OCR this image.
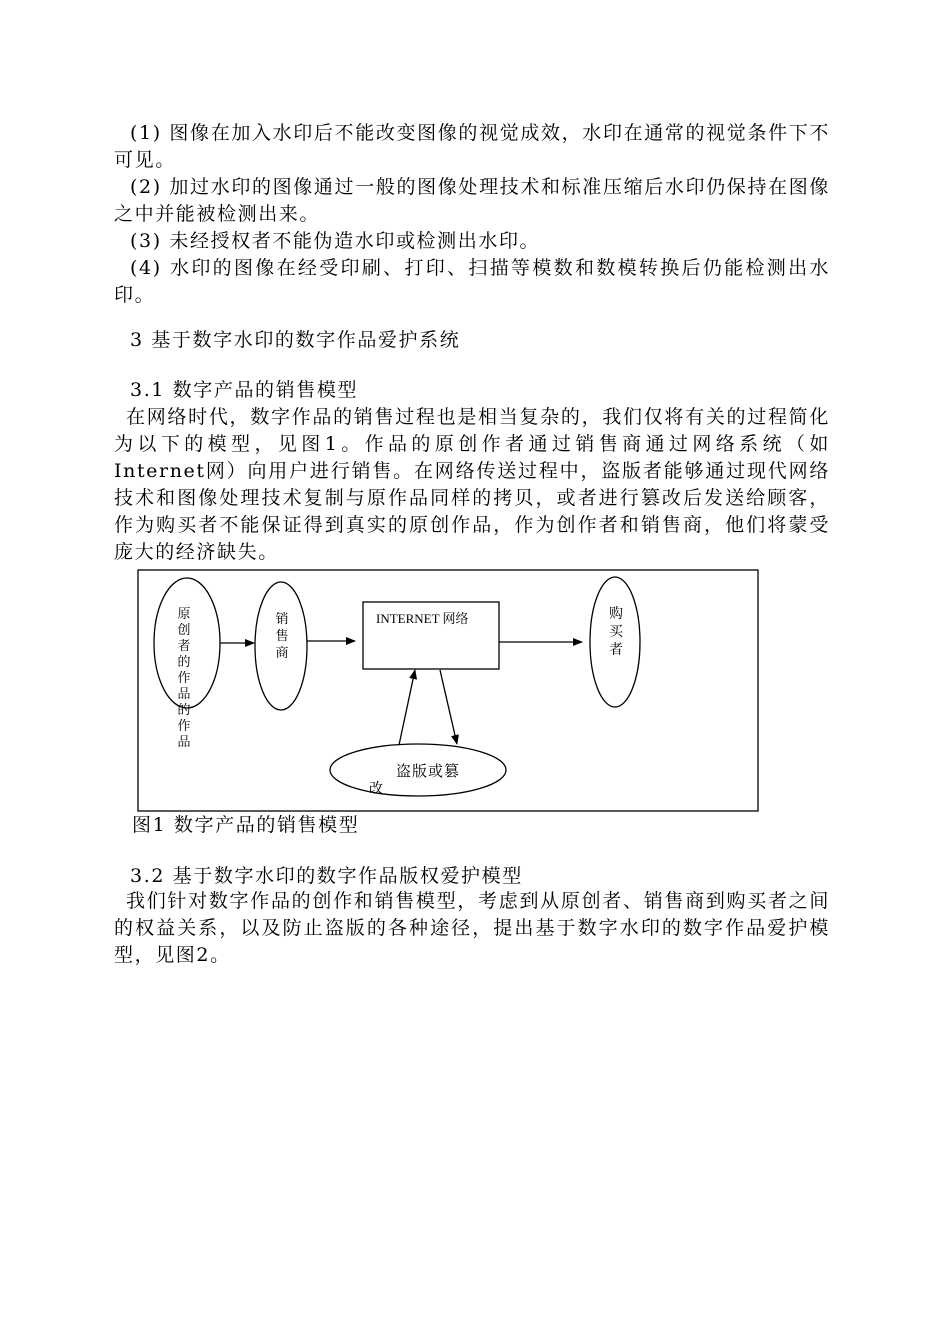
(1) 图像在加入水印后不能改变图像的视觉成效，水印在通常的视觉条件下不可见。

(2) 加过水印的图像通过一般的图像处理技术和标准压缩后水印仍保持在图像之中并能被检测出来。

(3) 未经授权者不能伪造水印或检测出水印。

(4) 水印的图像在经受印刷、打印、扫描等模数和数模转换后仍能检测出水印。

3 基于数字水印的数字作品爱护系统
3.1 数字产品的销售模型

在网络时代，数字作品的销售过程也是相当复杂的，我们仅将有关的过程简化为以下的模型，见图1。作品的原创作者通过销售商通过网络系统（如Internet网）向用户进行销售。在网络传送过程中，盗版者能够通过现代网络技术和图像处理技术复制与原作品同样的拷贝，或者进行篡改后发送给顾客，作为购买者不能保证得到真实的原创作品，作为创作者和销售商，他们将蒙受庞大的经济缺失。

原创者的作品的作品
销售商
购买者
INTERNET 网络
盗版或篡
改
图1 数字产品的销售模型
3.2 基于数字水印的数字作品版权爱护模型

我们针对数字作品的创作和销售模型，考虑到从原创者、销售商到购买者之间的权益关系，以及防止盗版的各种途径，提出基于数字水印的数字作品爱护模型，见图2。
